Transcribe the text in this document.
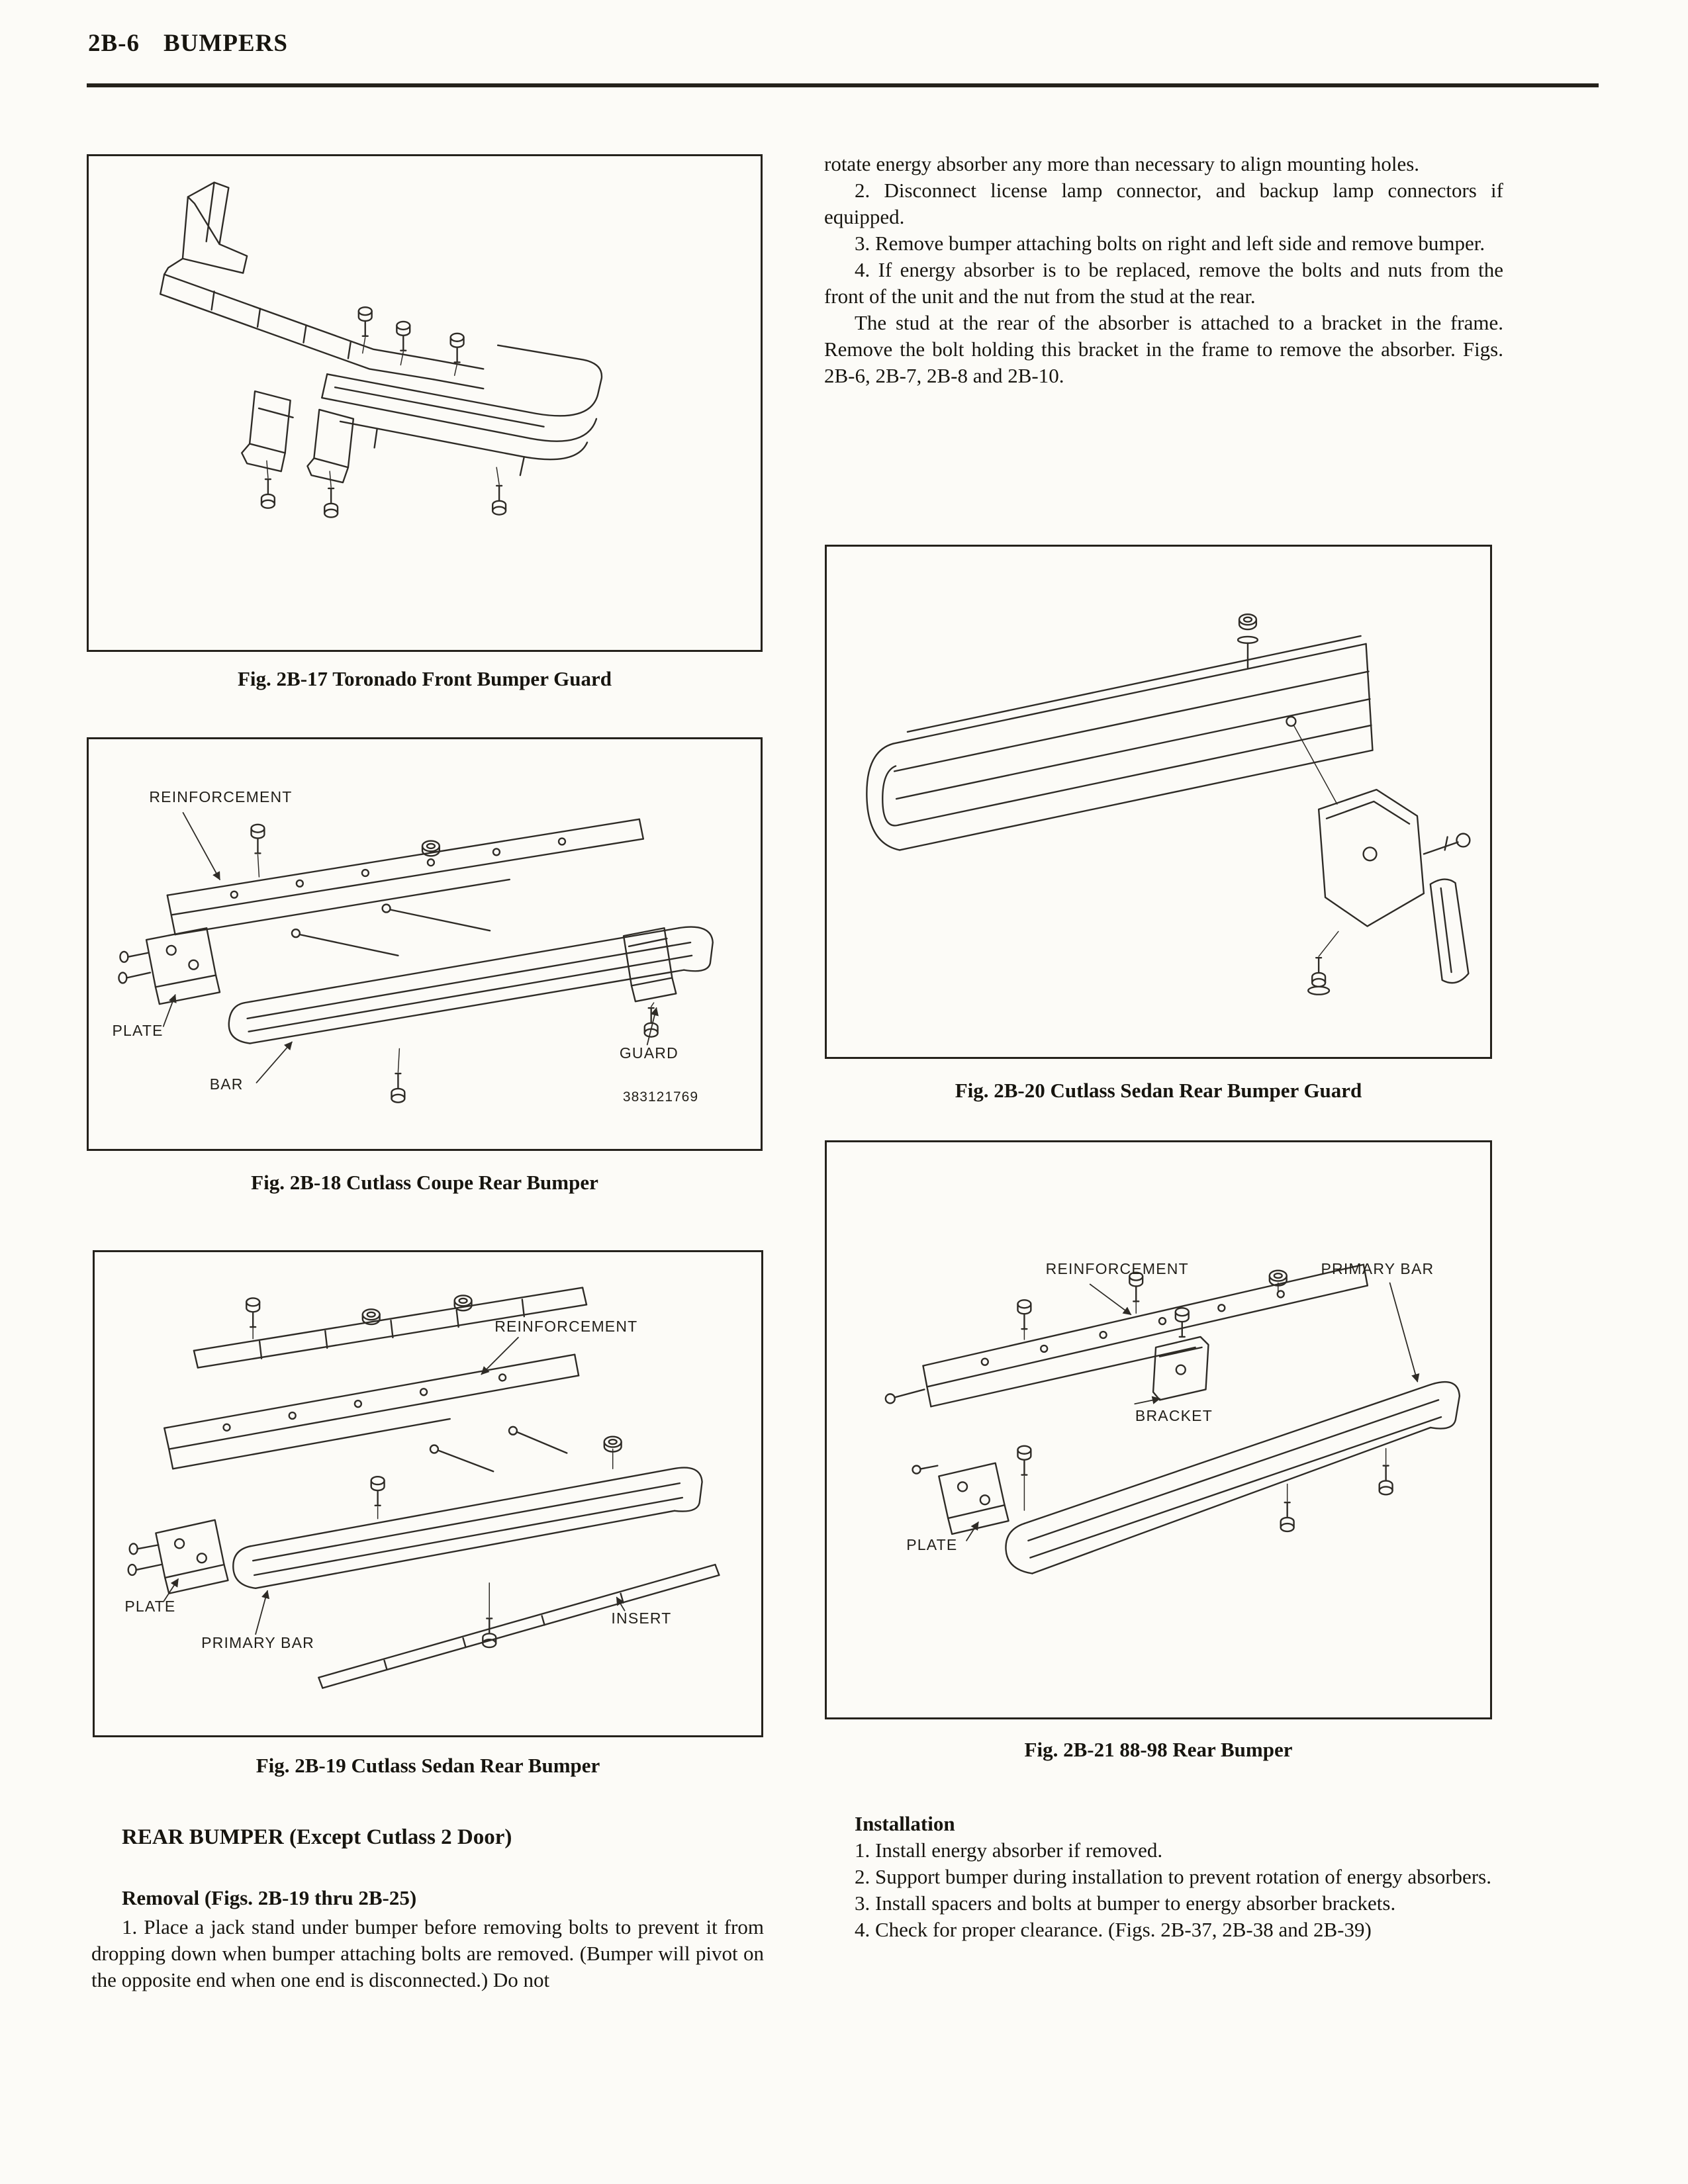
2B-6 BUMPERS

Fig. 2B-17 Toronado Front Bumper Guard

REINFORCEMENT
PLATE
BAR
GUARD
383121769

Fig. 2B-18 Cutlass Coupe Rear Bumper

REINFORCEMENT
PLATE
PRIMARY BAR
INSERT

Fig. 2B-19 Cutlass Sedan Rear Bumper

REAR BUMPER (Except Cutlass 2 Door)

Removal (Figs. 2B-19 thru 2B-25)

1. Place a jack stand under bumper before removing bolts to prevent it from dropping down when bumper attaching bolts are removed. (Bumper will pivot on the opposite end when one end is disconnected.) Do not

rotate energy absorber any more than necessary to align mounting holes.

2. Disconnect license lamp connector, and backup lamp connectors if equipped.

3. Remove bumper attaching bolts on right and left side and remove bumper.

4. If energy absorber is to be replaced, remove the bolts and nuts from the front of the unit and the nut from the stud at the rear.

The stud at the rear of the absorber is attached to a bracket in the frame. Remove the bolt holding this bracket in the frame to remove the absorber. Figs. 2B-6, 2B-7, 2B-8 and 2B-10.

Fig. 2B-20 Cutlass Sedan Rear Bumper Guard

REINFORCEMENT	PRIMARY BAR
BRACKET
PLATE

Fig. 2B-21 88-98 Rear Bumper

Installation

1. Install energy absorber if removed.

2. Support bumper during installation to prevent rotation of energy absorbers.

3. Install spacers and bolts at bumper to energy absorber brackets.

4. Check for proper clearance. (Figs. 2B-37, 2B-38 and 2B-39)
